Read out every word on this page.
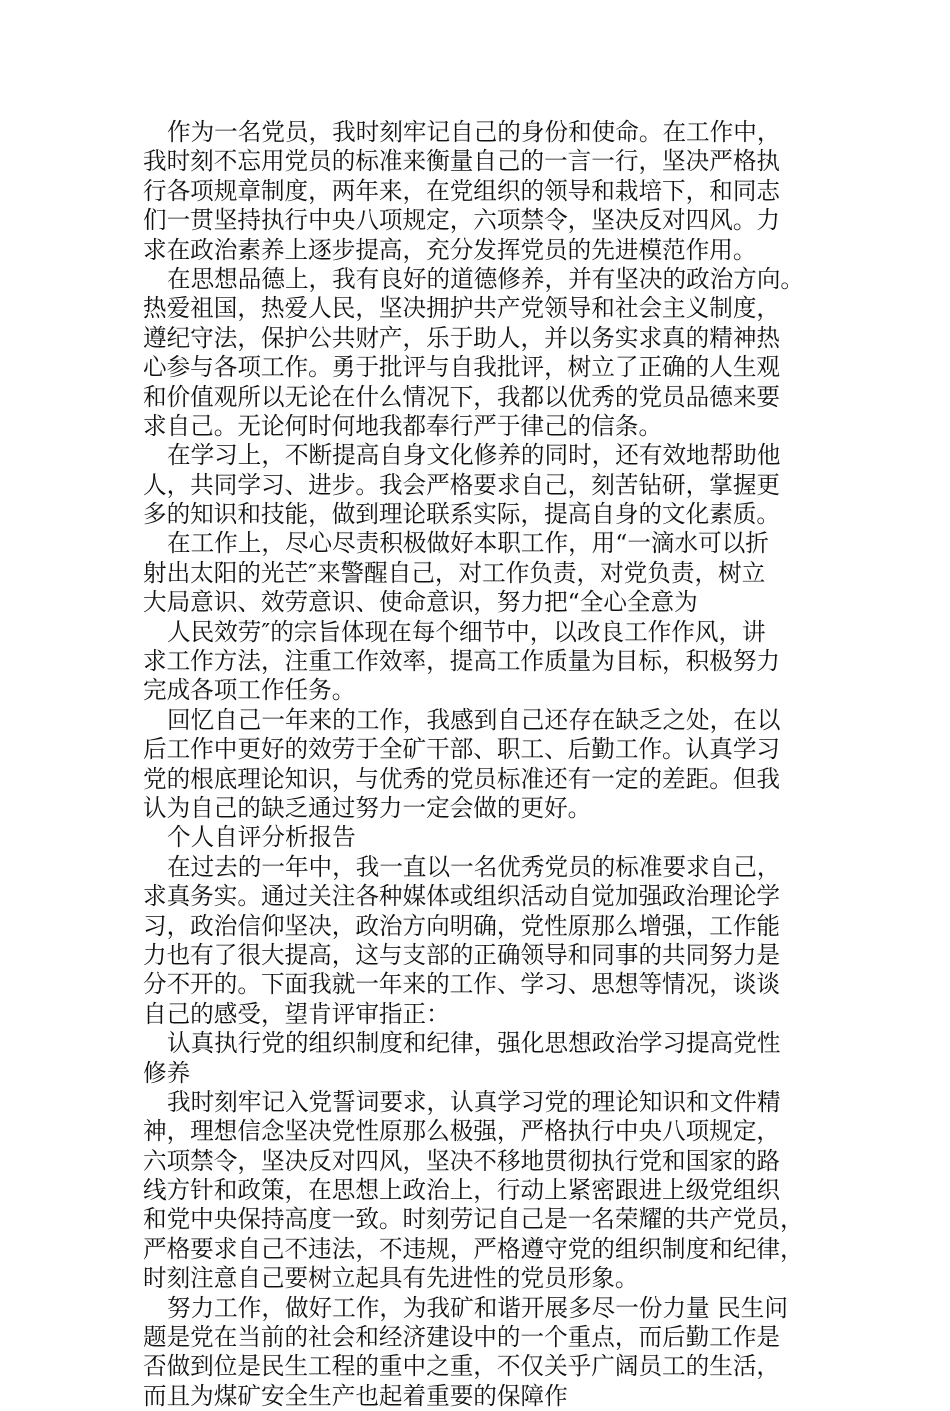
作为一名党员，我时刻牢记自己的身份和使命。在工作中，
我时刻不忘用党员的标准来衡量自己的一言一行，坚决严格执
行各项规章制度，两年来，在党组织的领导和栽培下，和同志
们一贯坚持执行中央八项规定，六项禁令，坚决反对四风。力
求在政治素养上逐步提高，充分发挥党员的先进模范作用。
在思想品德上，我有良好的道德修养，并有坚决的政治方向。
热爱祖国，热爱人民，坚决拥护共产党领导和社会主义制度，
遵纪守法，保护公共财产，乐于助人，并以务实求真的精神热
心参与各项工作。勇于批评与自我批评，树立了正确的人生观
和价值观所以无论在什么情况下，我都以优秀的党员品德来要
求自己。无论何时何地我都奉行严于律己的信条。
在学习上，不断提高自身文化修养的同时，还有效地帮助他
人，共同学习、进步。我会严格要求自己，刻苦钻研，掌握更
多的知识和技能，做到理论联系实际，提高自身的文化素质。
在工作上，尽心尽责积极做好本职工作，用“一滴水可以折
射出太阳的光芒″来警醒自己，对工作负责，对党负责，树立
大局意识、效劳意识、使命意识，努力把“全心全意为
人民效劳″的宗旨体现在每个细节中，以改良工作作风，讲
求工作方法，注重工作效率，提高工作质量为目标，积极努力
完成各项工作任务。
回忆自己一年来的工作，我感到自己还存在缺乏之处，在以
后工作中更好的效劳于全矿干部、职工、后勤工作。认真学习
党的根底理论知识，与优秀的党员标准还有一定的差距。但我
认为自己的缺乏通过努力一定会做的更好。
个人自评分析报告
在过去的一年中，我一直以一名优秀党员的标准要求自己，
求真务实。通过关注各种媒体或组织活动自觉加强政治理论学
习，政治信仰坚决，政治方向明确，党性原那么增强，工作能
力也有了很大提高，这与支部的正确领导和同事的共同努力是
分不开的。下面我就一年来的工作、学习、思想等情况，谈谈
自己的感受，望肯评审指正：
认真执行党的组织制度和纪律，强化思想政治学习提高党性
修养
我时刻牢记入党誓词要求，认真学习党的理论知识和文件精
神，理想信念坚决党性原那么极强，严格执行中央八项规定，
六项禁令，坚决反对四风，坚决不移地贯彻执行党和国家的路
线方针和政策，在思想上政治上，行动上紧密跟进上级党组织
和党中央保持高度一致。时刻劳记自己是一名荣耀的共产党员，
严格要求自己不违法，不违规，严格遵守党的组织制度和纪律，
时刻注意自己要树立起具有先进性的党员形象。
努力工作，做好工作，为我矿和谐开展多尽一份力量 民生问
题是党在当前的社会和经济建设中的一个重点，而后勤工作是
否做到位是民生工程的重中之重，不仅关乎广阔员工的生活，
而且为煤矿安全生产也起着重要的保障作
